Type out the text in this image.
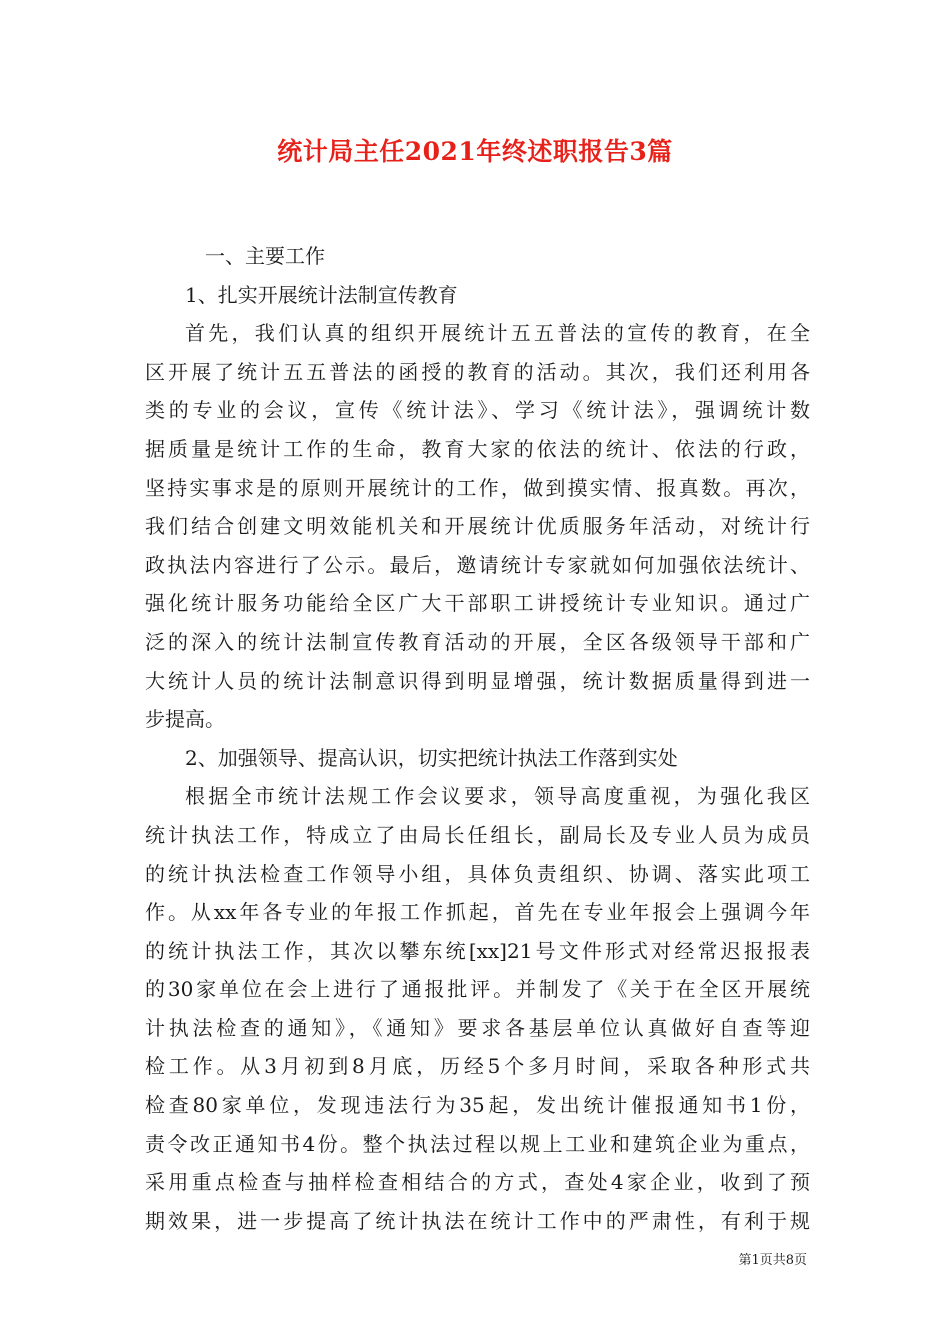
统计局主任2021年终述职报告3篇
一、主要工作
1、扎实开展统计法制宣传教育
首先，我们认真的组织开展统计五五普法的宣传的教育，在全
区开展了统计五五普法的函授的教育的活动。其次，我们还利用各
类的专业的会议，宣传《统计法》、学习《统计法》，强调统计数
据质量是统计工作的生命，教育大家的依法的统计、依法的行政，
坚持实事求是的原则开展统计的工作，做到摸实情、报真数。再次，
我们结合创建文明效能机关和开展统计优质服务年活动，对统计行
政执法内容进行了公示。最后，邀请统计专家就如何加强依法统计、
强化统计服务功能给全区广大干部职工讲授统计专业知识。通过广
泛的深入的统计法制宣传教育活动的开展，全区各级领导干部和广
大统计人员的统计法制意识得到明显增强，统计数据质量得到进一
步提高。
2、加强领导、提高认识，切实把统计执法工作落到实处
根据全市统计法规工作会议要求，领导高度重视，为强化我区
统计执法工作，特成立了由局长任组长，副局长及专业人员为成员
的统计执法检查工作领导小组，具体负责组织、协调、落实此项工
作。从xx年各专业的年报工作抓起，首先在专业年报会上强调今年
的统计执法工作，其次以攀东统[xx]21号文件形式对经常迟报报表
的30家单位在会上进行了通报批评。并制发了《关于在全区开展统
计执法检查的通知》，《通知》要求各基层单位认真做好自查等迎
检工作。从3月初到8月底，历经5个多月时间，采取各种形式共
检查80家单位，发现违法行为35起，发出统计催报通知书1份，
责令改正通知书4份。整个执法过程以规上工业和建筑企业为重点，
采用重点检查与抽样检查相结合的方式，查处4家企业，收到了预
期效果，进一步提高了统计执法在统计工作中的严肃性，有利于规
第1页共8页
